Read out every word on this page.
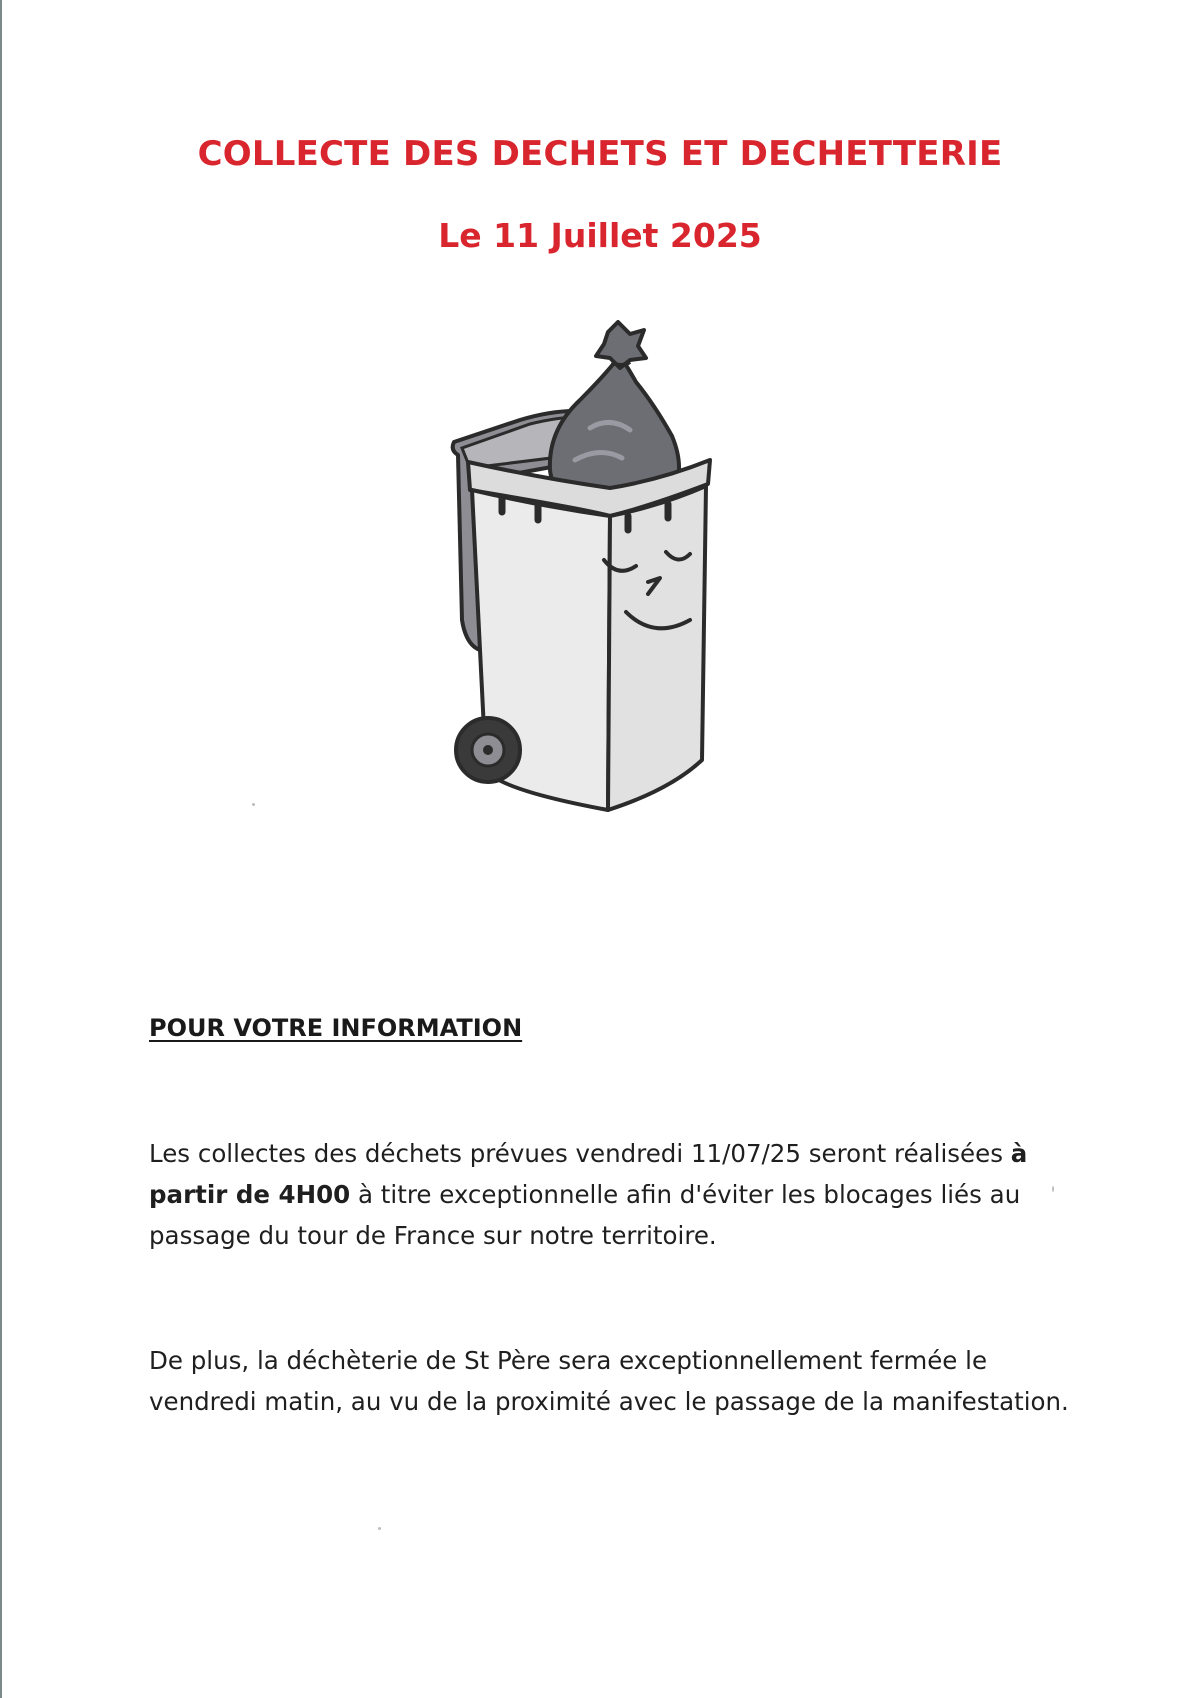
COLLECTE DES DECHETS ET DECHETTERIE
Le 11 Juillet 2025
POUR VOTRE INFORMATION

Les collectes des déchets prévues vendredi 11/07/25 seront réalisées à partir de 4H00 à titre exceptionnelle afin d'éviter les blocages liés au passage du tour de France sur notre territoire.

De plus, la déchèterie de St Père sera exceptionnellement fermée le vendredi matin, au vu de la proximité avec le passage de la manifestation.
